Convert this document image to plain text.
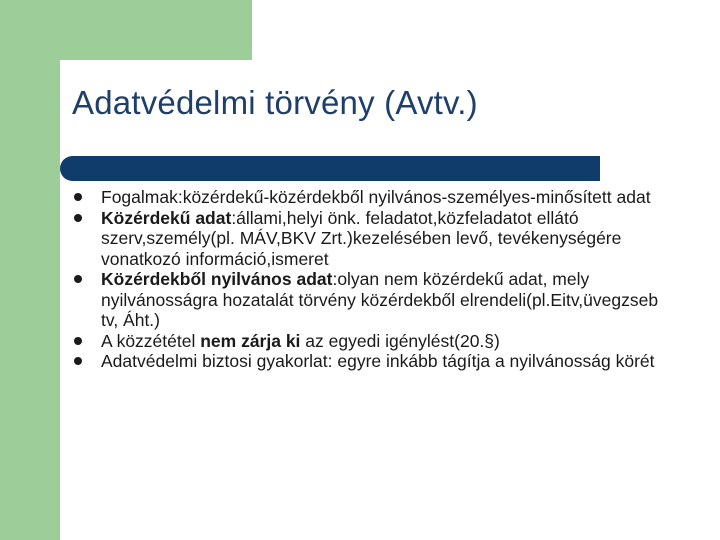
Adatvédelmi törvény (Avtv.)
Fogalmak:közérdekű-közérdekből nyilvános-személyes-minősített adat
Közérdekű adat:állami,helyi önk. feladatot,közfeladatot ellátó szerv,személy(pl. MÁV,BKV Zrt.)kezelésében levő, tevékenységére vonatkozó információ,ismeret
Közérdekből nyilvános adat:olyan nem közérdekű adat, mely nyilvánosságra hozatalát törvény közérdekből elrendeli(pl.Eitv,üvegzseb tv, Áht.)
A közzététel nem zárja ki az egyedi igénylést(20.§)
Adatvédelmi biztosi gyakorlat: egyre inkább tágítja a nyilvánosság körét
